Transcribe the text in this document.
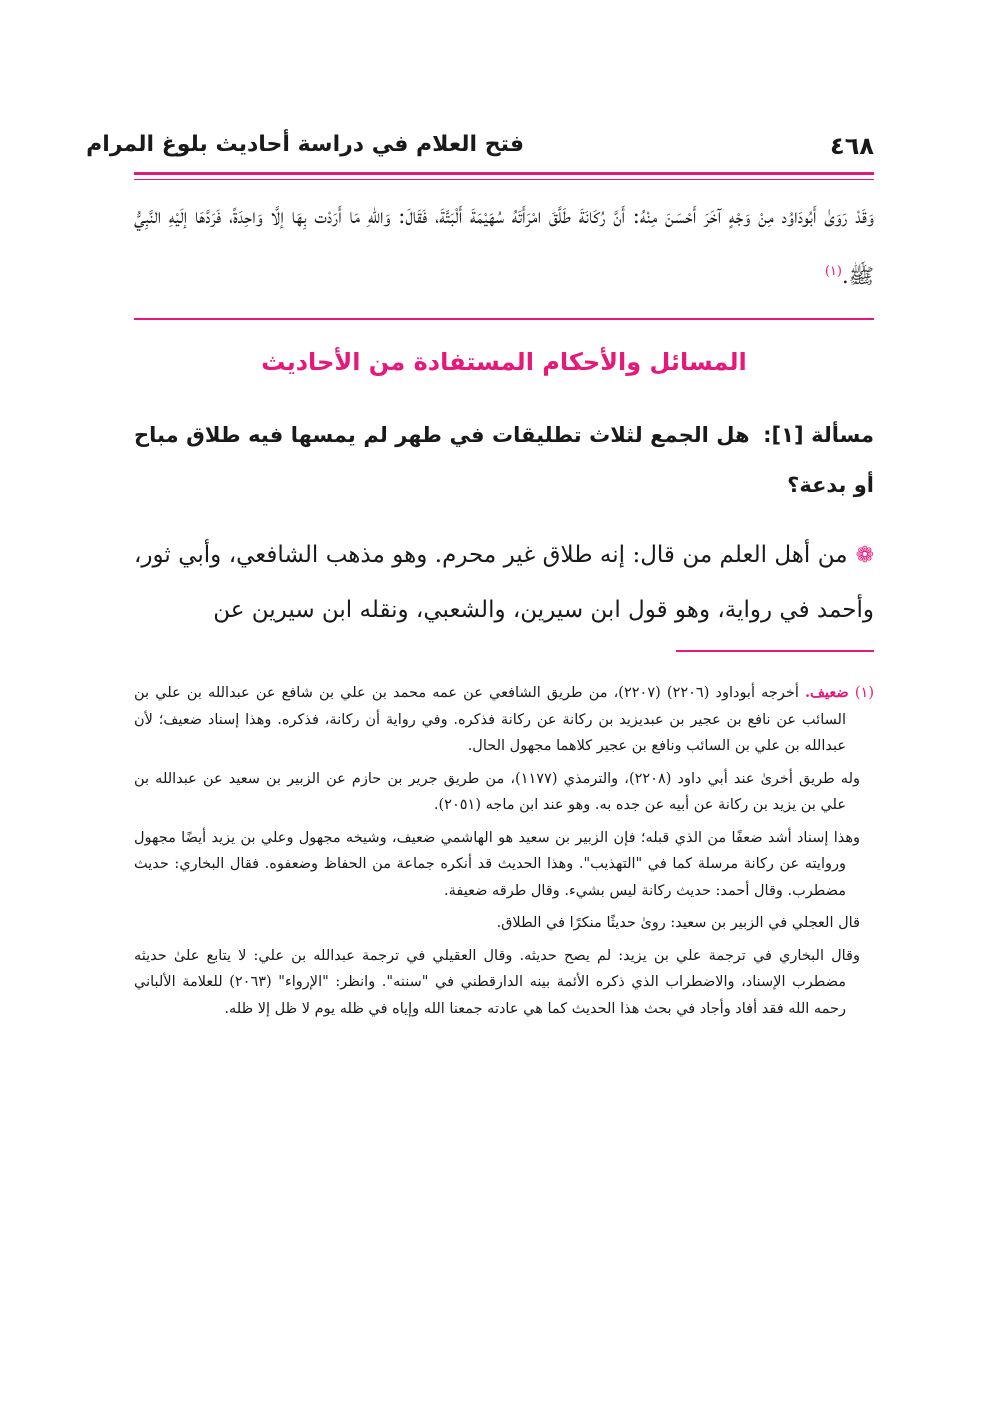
٤٦٨
فتح العلام في دراسة أحاديث بلوغ المرام
وَقَدْ رَوَىٰ أَبُودَاوُد مِنْ وَجْهٍ آخَرَ أَحْسَنَ مِنْهُ: أَنَّ رُكَانَةَ طَلَّقَ امْرَأَتَهُ سُهَيْمَةَ أَلْبَتَّةَ، فَقَالَ: وَاللهِ مَا أَرَدْت بِهَا إلَّا وَاحِدَةً، فَرَدَّهَا إلَيْهِ النَّبِيُّ ﷺ.$^{(١)}$
المسائل والأحكام المستفادة من الأحاديث
مسألة [١]: هل الجمع لثلاث تطليقات في طهر لم يمسها فيه طلاق مباح أو بدعة؟
❁من أهل العلم من قال: إنه طلاق غير محرم. وهو مذهب الشافعي، وأبي ثور، وأحمد في رواية، وهو قول ابن سيرين، والشعبي، ونقله ابن سيرين عن

(١) ضعيف. أخرجه أبوداود (٢٢٠٦) (٢٢٠٧)، من طريق الشافعي عن عمه محمد بن علي بن شافع عن عبدالله بن علي بن السائب عن نافع بن عجير بن عبديزيد بن ركانة عن ركانة فذكره. وفي رواية أن ركانة، فذكره. وهذا إسناد ضعيف؛ لأن عبدالله بن علي بن السائب ونافع بن عجير كلاهما مجهول الحال.

وله طريق أخرىٰ عند أبي داود (٢٢٠٨)، والترمذي (١١٧٧)، من طريق جرير بن حازم عن الزبير بن سعيد عن عبدالله بن علي بن يزيد بن ركانة عن أبيه عن جده به. وهو عند ابن ماجه (٢٠٥١).

وهذا إسناد أشد ضعفًا من الذي قبله؛ فإن الزبير بن سعيد هو الهاشمي ضعيف، وشيخه مجهول وعلي بن يزيد أيضًا مجهول وروايته عن ركانة مرسلة كما في "التهذيب". وهذا الحديث قد أنكره جماعة من الحفاظ وضعفوه. فقال البخاري: حديث مضطرب. وقال أحمد: حديث ركانة ليس بشيء. وقال طرقه ضعيفة.

قال العجلي في الزبير بن سعيد: روىٰ حديثًا منكرًا في الطلاق.

وقال البخاري في ترجمة علي بن يزيد: لم يصح حديثه. وقال العقيلي في ترجمة عبدالله بن علي: لا يتابع علىٰ حديثه مضطرب الإسناد، والاضطراب الذي ذكره الأئمة بينه الدارقطني في "سننه". وانظر: "الإرواء" (٢٠٦٣) للعلامة الألباني رحمه الله فقد أفاد وأجاد في بحث هذا الحديث كما هي عادته جمعنا الله وإياه في ظله يوم لا ظل إلا ظله.
